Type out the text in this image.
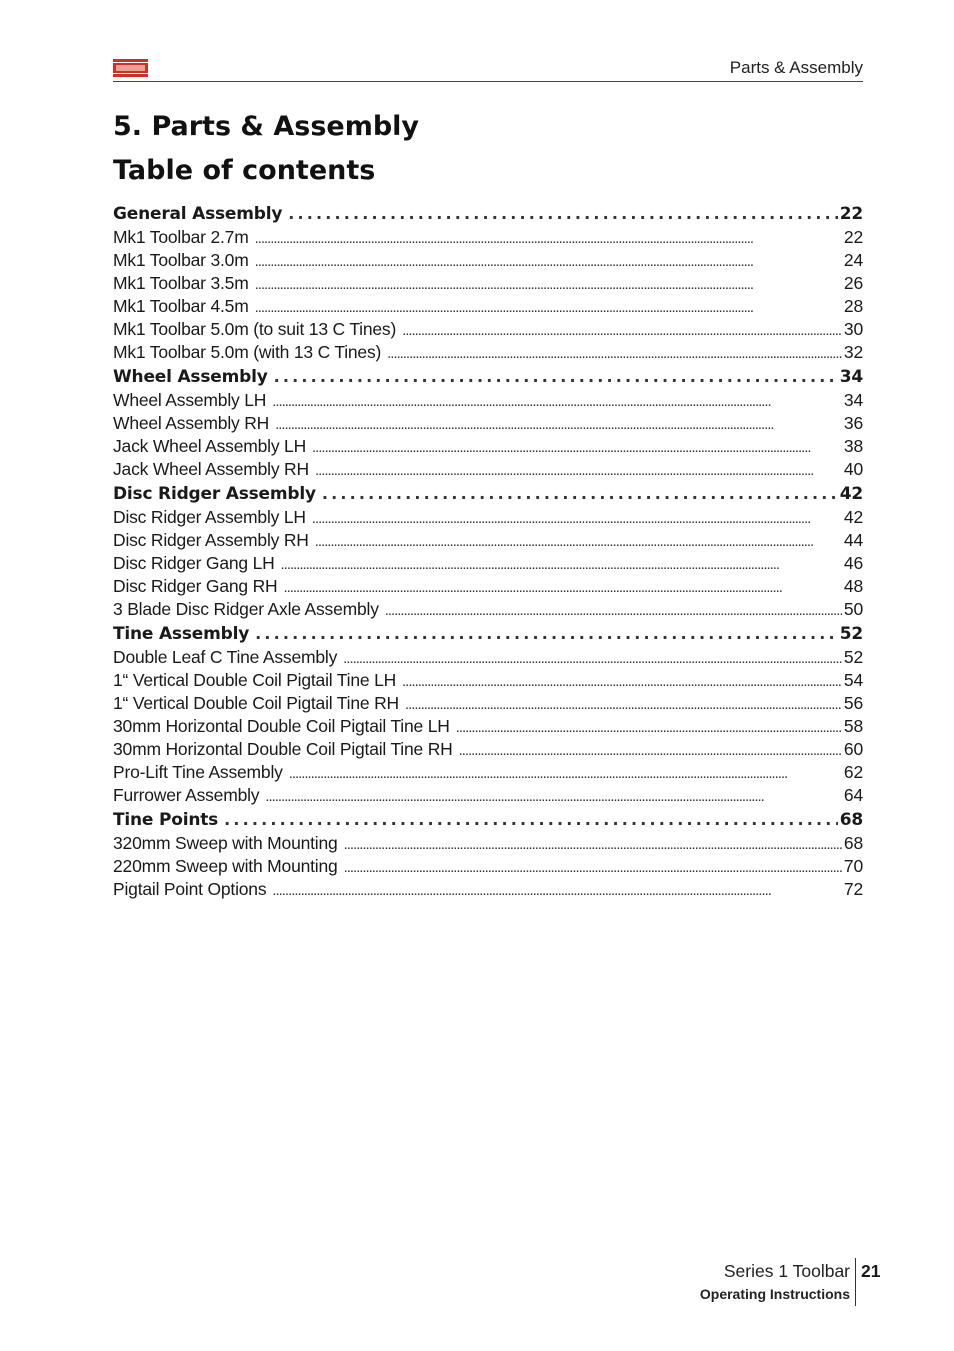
Parts & Assembly
5. Parts & Assembly
Table of contents
General Assembly . . .	22
Mk1 Toolbar 2.7m . . .	22
Mk1 Toolbar 3.0m . . .	24
Mk1 Toolbar 3.5m . . .	26
Mk1 Toolbar 4.5m . . .	28
Mk1 Toolbar 5.0m (to suit 13 C Tines) . . .	30
Mk1 Toolbar 5.0m (with 13 C Tines) . . .	32
Wheel Assembly . . .	34
Wheel Assembly LH . . .	34
Wheel Assembly RH . . .	36
Jack Wheel Assembly LH . . .	38
Jack Wheel Assembly RH . . .	40
Disc Ridger Assembly . . .	42
Disc Ridger Assembly LH . . .	42
Disc Ridger Assembly RH . . .	44
Disc Ridger Gang LH . . .	46
Disc Ridger Gang RH . . .	48
3 Blade Disc Ridger Axle Assembly . . .	50
Tine Assembly . . .	52
Double Leaf C Tine Assembly . . .	52
1“ Vertical Double Coil Pigtail Tine LH . . .	54
1“ Vertical Double Coil Pigtail Tine RH . . .	56
30mm Horizontal Double Coil Pigtail Tine LH . . .	58
30mm Horizontal Double Coil Pigtail Tine RH . . .	60
Pro-Lift Tine Assembly . . .	62
Furrower Assembly . . .	64
Tine Points . . .	68
320mm Sweep with Mounting . . .	68
220mm Sweep with Mounting . . .	70
Pigtail Point Options . . .	72
Series 1 Toolbar
Operating Instructions
21
